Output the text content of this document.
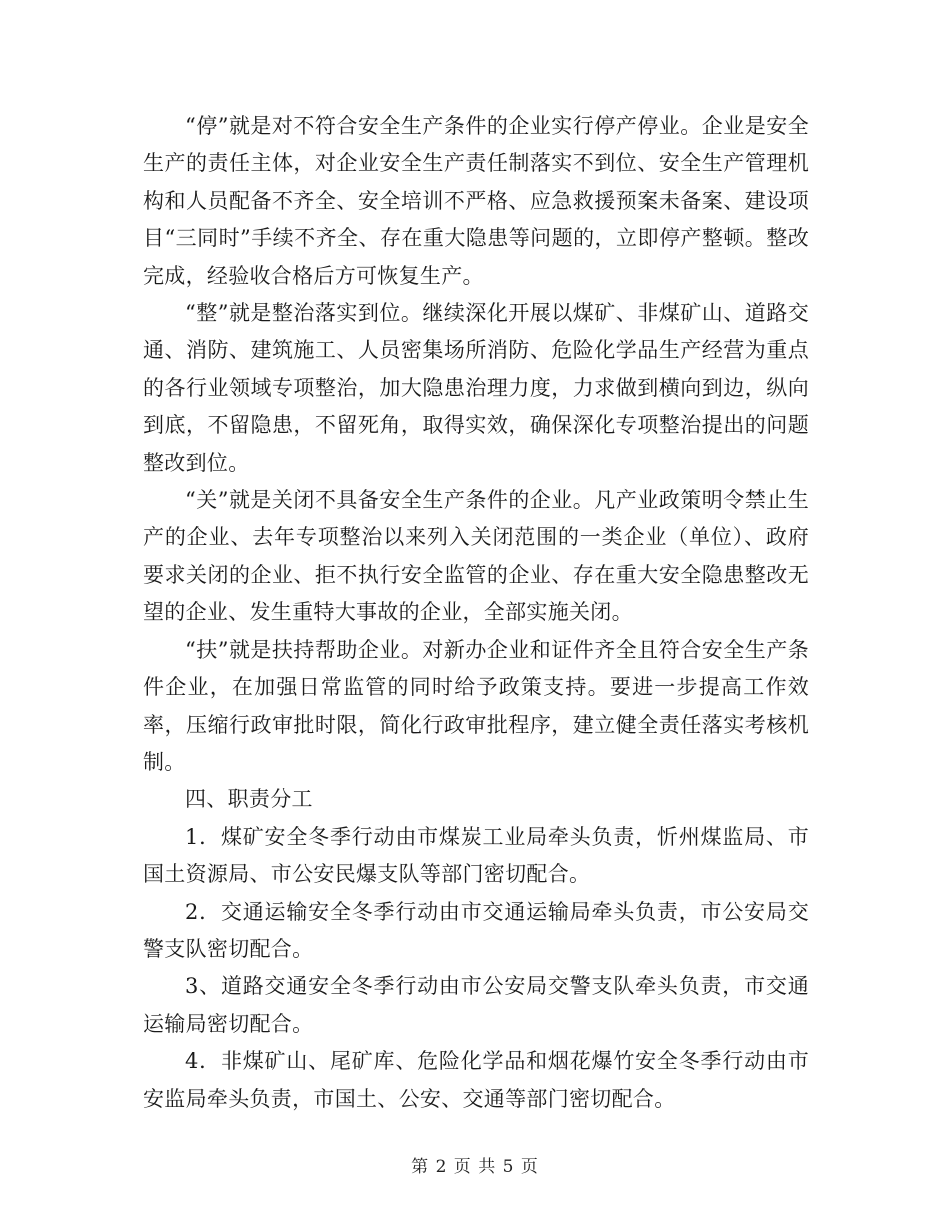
“停”就是对不符合安全生产条件的企业实行停产停业。企业是安全生产的责任主体，对企业安全生产责任制落实不到位、安全生产管理机构和人员配备不齐全、安全培训不严格、应急救援预案未备案、建设项目“三同时”手续不齐全、存在重大隐患等问题的，立即停产整顿。整改完成，经验收合格后方可恢复生产。

“整”就是整治落实到位。继续深化开展以煤矿、非煤矿山、道路交通、消防、建筑施工、人员密集场所消防、危险化学品生产经营为重点的各行业领域专项整治，加大隐患治理力度，力求做到横向到边，纵向到底，不留隐患，不留死角，取得实效，确保深化专项整治提出的问题整改到位。

“关”就是关闭不具备安全生产条件的企业。凡产业政策明令禁止生产的企业、去年专项整治以来列入关闭范围的一类企业（单位）、政府要求关闭的企业、拒不执行安全监管的企业、存在重大安全隐患整改无望的企业、发生重特大事故的企业，全部实施关闭。

“扶”就是扶持帮助企业。对新办企业和证件齐全且符合安全生产条件企业，在加强日常监管的同时给予政策支持。要进一步提高工作效率，压缩行政审批时限，简化行政审批程序，建立健全责任落实考核机制。

四、职责分工

1．煤矿安全冬季行动由市煤炭工业局牵头负责，忻州煤监局、市国土资源局、市公安民爆支队等部门密切配合。

2．交通运输安全冬季行动由市交通运输局牵头负责，市公安局交警支队密切配合。

3、道路交通安全冬季行动由市公安局交警支队牵头负责，市交通运输局密切配合。

4．非煤矿山、尾矿库、危险化学品和烟花爆竹安全冬季行动由市安监局牵头负责，市国土、公安、交通等部门密切配合。

第 2 页 共 5 页
